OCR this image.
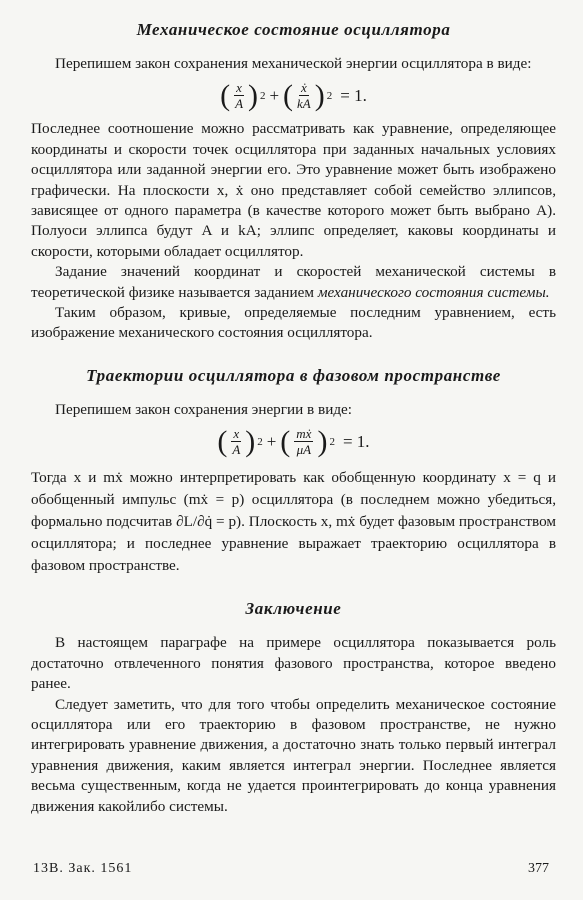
Механическое состояние осциллятора

Перепишем закон сохранения механической энергии осциллятора в виде:

( $\frac{x}{A}$ ) 2 + ( $\frac{\text{ẋ}}{kA}$ ) 2 = 1.

Последнее соотношение можно рассматривать как уравнение, определяющее координаты и скорости точек осциллятора при заданных начальных условиях осциллятора или заданной энергии его. Это уравнение может быть изображено графически. На плоскости x, ẋ оно представляет собой семейство эллипсов, зависящее от одного параметра (в качестве которого может быть выбрано A). Полуоси эллипса будут A и kA; эллипс определяет, каковы координаты и скорости, которыми обладает осциллятор.

Задание значений координат и скоростей механической системы в теоретической физике называется заданием механического состояния системы.

Таким образом, кривые, определяемые последним уравнением, есть изображение механического состояния осциллятора.

Траектории осциллятора в фазовом пространстве

Перепишем закон сохранения энергии в виде:

( $\frac{x}{A}$ ) 2 + ( $\frac{\text{mẋ}}{\mu A}$ ) 2 = 1.

Тогда x и mẋ можно интерпретировать как обобщенную координату x = q и обобщенный импульс (mẋ = p) осциллятора (в последнем можно убедиться, формально подсчитав ∂L/∂q̇ = p). Плоскость x, mẋ будет фазовым пространством осциллятора; и последнее уравнение выражает траекторию осциллятора в фазовом пространстве.

Заключение

В настоящем параграфе на примере осциллятора показывается роль достаточно отвлеченного понятия фазового пространства, которое введено ранее.

Следует заметить, что для того чтобы определить механическое состояние осциллятора или его траекторию в фазовом пространстве, не нужно интегрировать уравнение движения, а достаточно знать только первый интеграл уравнения движения, каким является интеграл энергии. Последнее является весьма существенным, когда не удается проинтегрировать до конца уравнения движения какойлибо системы.

13В. Зак. 1561	377
